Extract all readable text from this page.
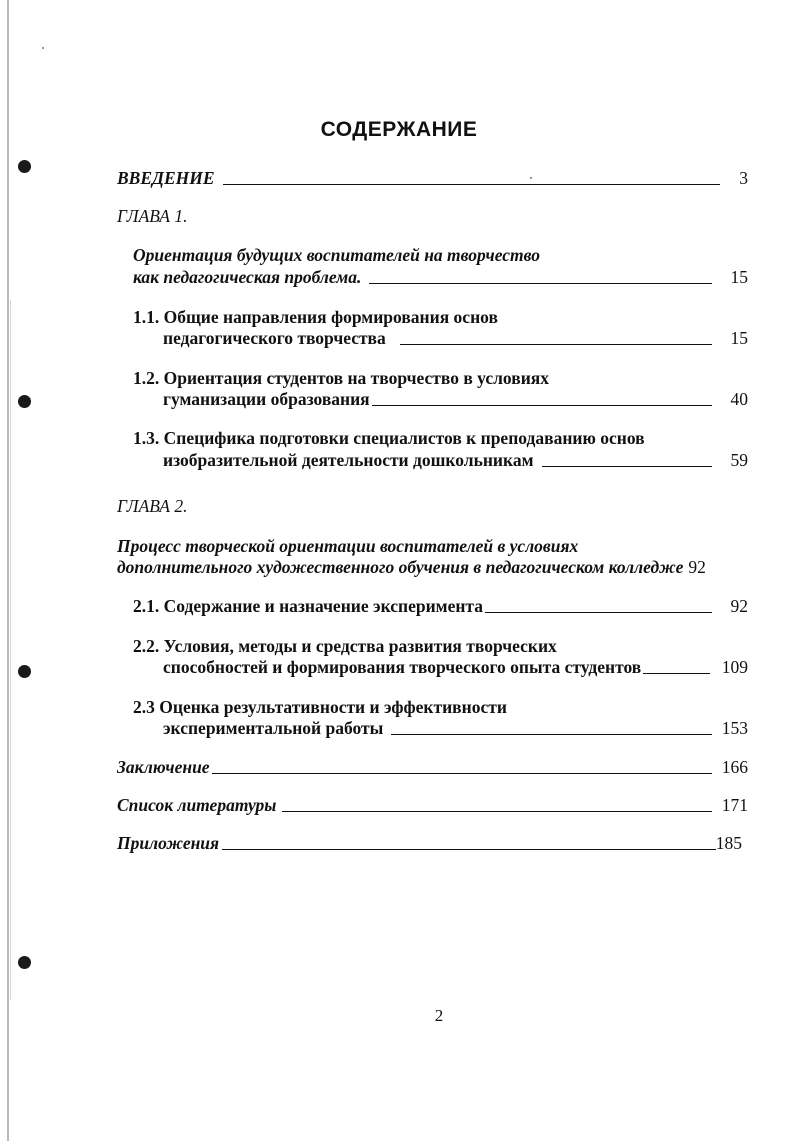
СОДЕРЖАНИЕ
ВВЕДЕНИЕ	3
ГЛАВА 1.
Ориентация будущих воспитателей на творчество
как педагогическая проблема.	15
1.1. Общие направления формирования основ
педагогического творчества	15
1.2. Ориентация студентов на творчество в условиях
гуманизации образования	40
1.3. Специфика подготовки специалистов к преподаванию основ
изобразительной деятельности дошкольникам	59
ГЛАВА 2.
Процесс творческой ориентации воспитателей в условиях
дополнительного художественного обучения в педагогическом колледже 92
2.1. Содержание и назначение эксперимента	92
2.2. Условия, методы и средства развития творческих
способностей и формирования творческого опыта студентов	109
2.3 Оценка результативности и эффективности
экспериментальной работы	153
Заключение	166
Список литературы	171
Приложения	185
2
